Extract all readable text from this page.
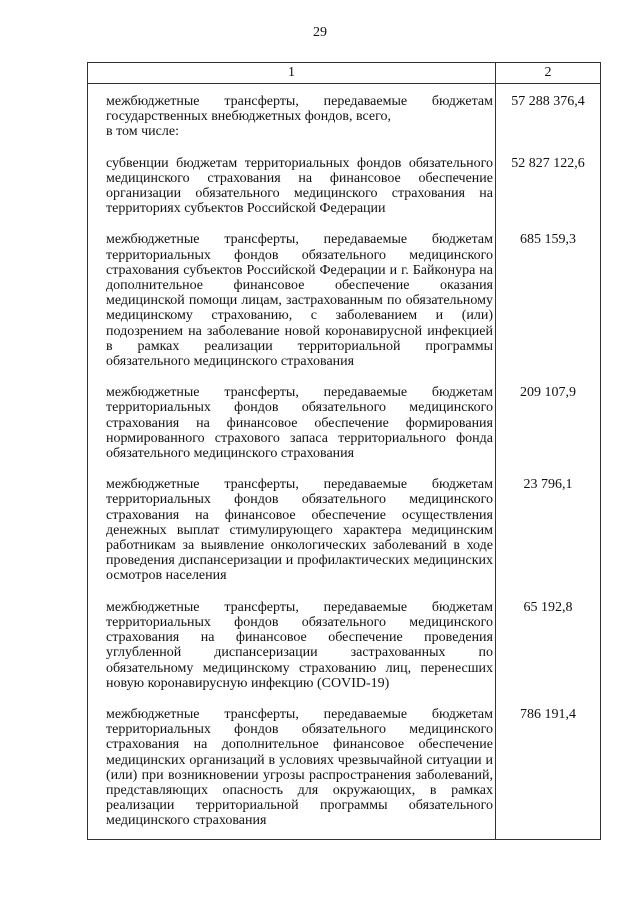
29
1	2
межбюджетные трансферты, передаваемые бюджетам государственных внебюджетных фондов, всего,
в том числе:	57 288 376,4
субвенции бюджетам территориальных фондов обязательного медицинского страхования на финансовое обеспечение организации обязательного медицинского страхования на территориях субъектов Российской Федерации	52 827 122,6
межбюджетные трансферты, передаваемые бюджетам территориальных фондов обязательного медицинского страхования субъектов Российской Федерации и г. Байконура на дополнительное финансовое обеспечение оказания медицинской помощи лицам, застрахованным по обязательному медицинскому страхованию, с заболеванием и (или) подозрением на заболевание новой коронавирусной инфекцией в рамках реализации территориальной программы обязательного медицинского страхования	685 159,3
межбюджетные трансферты, передаваемые бюджетам территориальных фондов обязательного медицинского страхования на финансовое обеспечение формирования нормированного страхового запаса территориального фонда обязательного медицинского страхования	209 107,9
межбюджетные трансферты, передаваемые бюджетам территориальных фондов обязательного медицинского страхования на финансовое обеспечение осуществления денежных выплат стимулирующего характера медицинским работникам за выявление онкологических заболеваний в ходе проведения диспансеризации и профилактических медицинских осмотров населения	23 796,1
межбюджетные трансферты, передаваемые бюджетам территориальных фондов обязательного медицинского страхования на финансовое обеспечение проведения углубленной диспансеризации застрахованных по обязательному медицинскому страхованию лиц, перенесших новую коронавирусную инфекцию (COVID-19)	65 192,8
межбюджетные трансферты, передаваемые бюджетам территориальных фондов обязательного медицинского страхования на дополнительное финансовое обеспечение медицинских организаций в условиях чрезвычайной ситуации и (или) при возникновении угрозы распространения заболеваний, представляющих опасность для окружающих, в рамках реализации территориальной программы обязательного медицинского страхования	786 191,4
